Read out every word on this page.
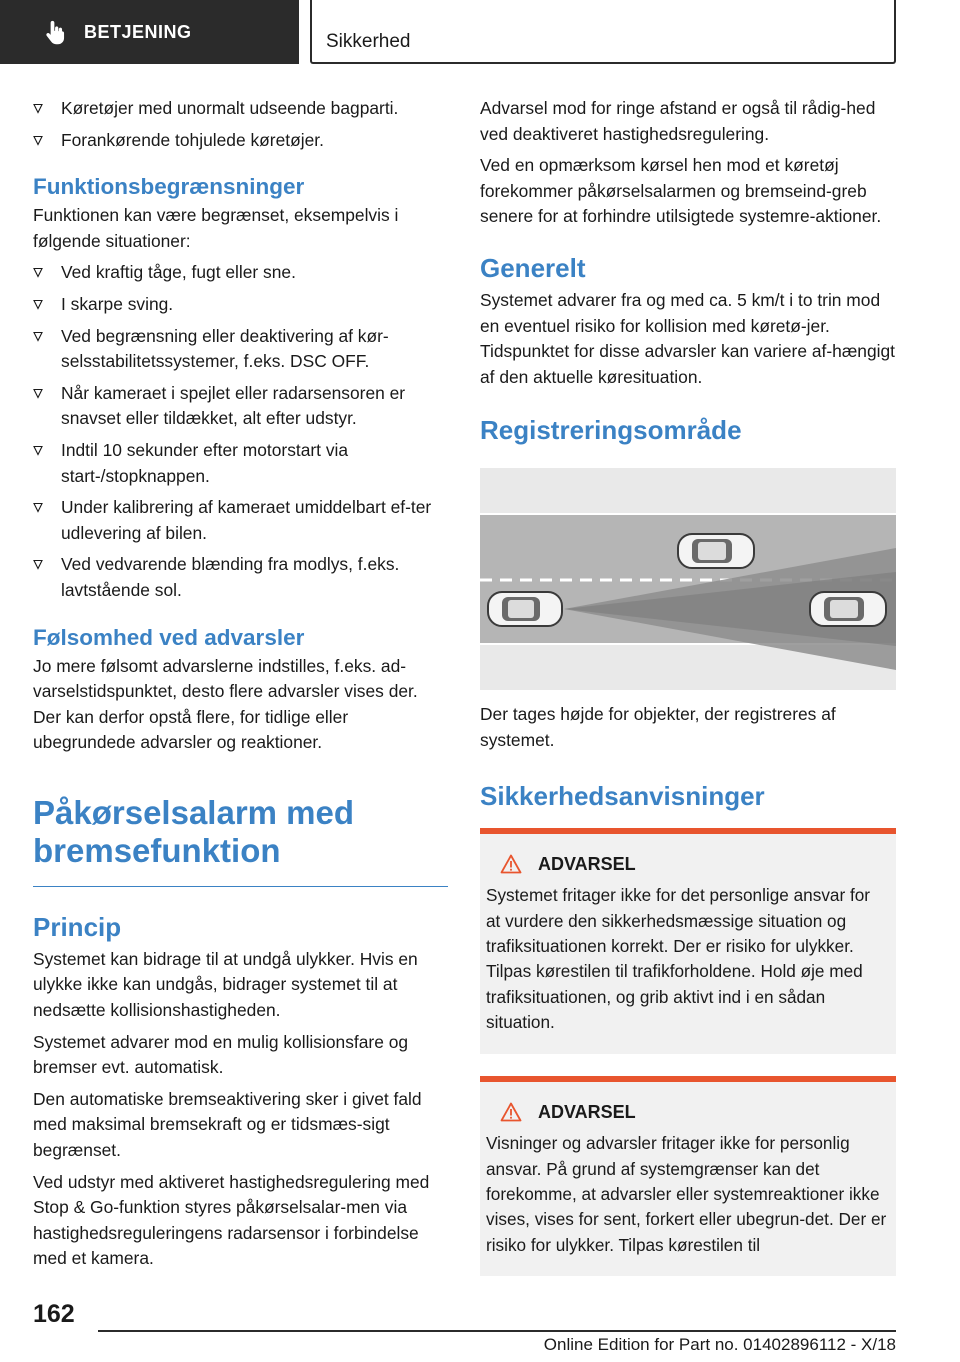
BETJENING	Sikkerhed
Køretøjer med unormalt udseende bagparti.
Forankørende tohjulede køretøjer.
Funktionsbegrænsninger
Funktionen kan være begrænset, eksempelvis i følgende situationer:
Ved kraftig tåge, fugt eller sne.
I skarpe sving.
Ved begrænsning eller deaktivering af kør-selsstabilitetssystemer, f.eks. DSC OFF.
Når kameraet i spejlet eller radarsensoren er snavset eller tildækket, alt efter udstyr.
Indtil 10 sekunder efter motorstart via start-/stopknappen.
Under kalibrering af kameraet umiddelbart ef-ter udlevering af bilen.
Ved vedvarende blænding fra modlys, f.eks. lavtstående sol.
Følsomhed ved advarsler
Jo mere følsomt advarslerne indstilles, f.eks. ad-varselstidspunktet, desto flere advarsler vises der. Der kan derfor opstå flere, for tidlige eller ubegrundede advarsler og reaktioner.
Påkørselsalarm med bremsefunktion
Princip
Systemet kan bidrage til at undgå ulykker. Hvis en ulykke ikke kan undgås, bidrager systemet til at nedsætte kollisionshastigheden.
Systemet advarer mod en mulig kollisionsfare og bremser evt. automatisk.
Den automatiske bremseaktivering sker i givet fald med maksimal bremsekraft og er tidsmæs-sigt begrænset.
Ved udstyr med aktiveret hastighedsregulering med Stop & Go-funktion styres påkørselsalar-men via hastighedsreguleringens radarsensor i forbindelse med et kamera.
Advarsel mod for ringe afstand er også til rådig-hed ved deaktiveret hastighedsregulering.
Ved en opmærksom kørsel hen mod et køretøj forekommer påkørselsalarmen og bremseind-greb senere for at forhindre utilsigtede systemre-aktioner.
Generelt
Systemet advarer fra og med ca. 5 km/t i to trin mod en eventuel risiko for kollision med køretø-jer. Tidspunktet for disse advarsler kan variere af-hængigt af den aktuelle køresituation.
Registreringsområde
Der tages højde for objekter, der registreres af systemet.
Sikkerhedsanvisninger
ADVARSEL
Systemet fritager ikke for det personlige ansvar for at vurdere den sikkerhedsmæssige situation og trafiksituationen korrekt. Der er risiko for ulykker. Tilpas kørestilen til trafikforholdene. Hold øje med trafiksituationen, og grib aktivt ind i en sådan situation.
ADVARSEL
Visninger og advarsler fritager ikke for personlig ansvar. På grund af systemgrænser kan det forekomme, at advarsler eller systemreaktioner ikke vises, vises for sent, forkert eller ubegrun-det. Der er risiko for ulykker. Tilpas kørestilen til
162
Online Edition for Part no. 01402896112 - X/18
